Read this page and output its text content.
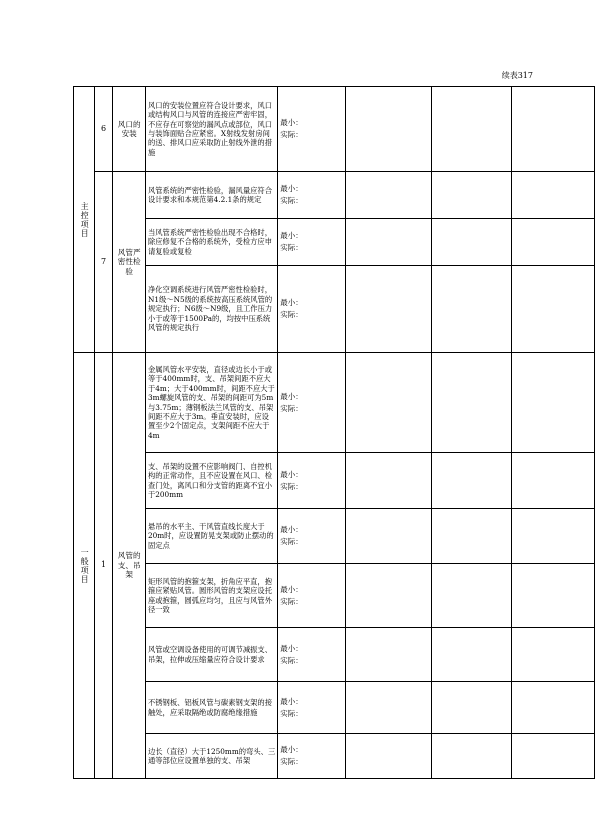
续表317
主控项目	6	风口的安装	风口的安装位置应符合设计要求，风口或结构风口与风管的连接应严密牢固，不应存在可察觉的漏风点或部位，风口与装饰面贴合应紧密。X射线发射房间的送、排风口应采取防止射线外泄的措施	最小：
实际：			

	7	风管严密性检验	风管系统的严密性检验，漏风量应符合设计要求和本规范第4.2.1条的规定	最小：
实际：			

			当风管系统严密性检验出现不合格时，除应修复不合格的系统外，受检方应申请复验或复检	最小：
实际：			

			净化空调系统进行风管严密性检验时，N1级～N5级的系统按高压系统风管的规定执行；N6级～N9级，且工作压力小于或等于1500Pa的，均按中压系统风管的规定执行	最小：
实际：			

一般项目	1	风管的支、吊架	金属风管水平安装，直径或边长小于或等于400mm时，支、吊架间距不应大于4m；大于400mm时，间距不应大于3m螺旋风管的支、吊架的间距可为5m与3.75m；薄钢板法兰风管的支、吊架间距不应大于3m。垂直安装时，应设置至少2个固定点，支架间距不应大于4m	最小：
实际：			

			支、吊架的设置不应影响阀门、自控机构的正常动作，且不应设置在风口、检查门处，离风口和分支管的距离不宜小于200mm	最小：
实际：			

			悬吊的水平主、干风管直线长度大于20m时，应设置防晃支架或防止摆动的固定点	最小：
实际：			

			矩形风管的抱箍支架，折角应平直，抱箍应紧贴风管。圆形风管的支架应设托座或抱箍，圆弧应均匀，且应与风管外径一致	最小：
实际：			

			风管或空调设备使用的可调节减振支、吊架，拉伸或压缩量应符合设计要求	最小：
实际：			

			不锈钢板、铝板风管与碳素钢支架的接触处，应采取隔绝或防腐绝缘措施	最小：
实际：			

			边长（直径）大于1250mm的弯头、三通等部位应设置单独的支、吊架	最小：
实际：			
